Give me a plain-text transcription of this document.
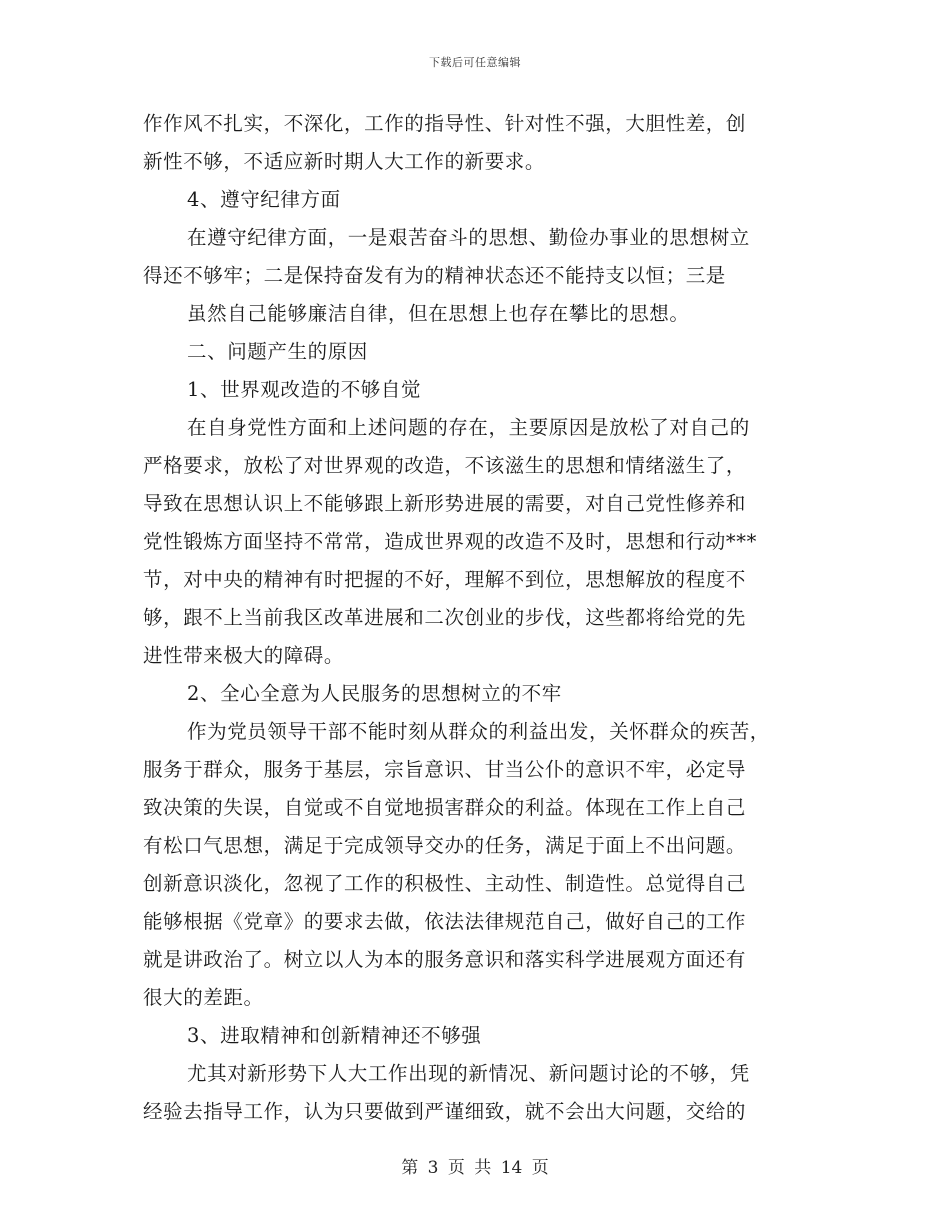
下载后可任意编辑
作作风不扎实，不深化，工作的指导性、针对性不强，大胆性差，创
新性不够，不适应新时期人大工作的新要求。
4、遵守纪律方面
在遵守纪律方面，一是艰苦奋斗的思想、勤俭办事业的思想树立
得还不够牢；二是保持奋发有为的精神状态还不能持支以恒；三是
虽然自己能够廉洁自律，但在思想上也存在攀比的思想。
二、问题产生的原因
1、世界观改造的不够自觉
在自身党性方面和上述问题的存在，主要原因是放松了对自己的
严格要求，放松了对世界观的改造，不该滋生的思想和情绪滋生了，
导致在思想认识上不能够跟上新形势进展的需要，对自己党性修养和
党性锻炼方面坚持不常常，造成世界观的改造不及时，思想和行动***
节，对中央的精神有时把握的不好，理解不到位，思想解放的程度不
够，跟不上当前我区改革进展和二次创业的步伐，这些都将给党的先
进性带来极大的障碍。
2、全心全意为人民服务的思想树立的不牢
作为党员领导干部不能时刻从群众的利益出发，关怀群众的疾苦，
服务于群众，服务于基层，宗旨意识、甘当公仆的意识不牢，必定导
致决策的失误，自觉或不自觉地损害群众的利益。体现在工作上自己
有松口气思想，满足于完成领导交办的任务，满足于面上不出问题。
创新意识淡化，忽视了工作的积极性、主动性、制造性。总觉得自己
能够根据《党章》的要求去做，依法法律规范自己，做好自己的工作
就是讲政治了。树立以人为本的服务意识和落实科学进展观方面还有
很大的差距。
3、进取精神和创新精神还不够强
尤其对新形势下人大工作出现的新情况、新问题讨论的不够，凭
经验去指导工作，认为只要做到严谨细致，就不会出大问题，交给的
第 3 页 共 14 页
